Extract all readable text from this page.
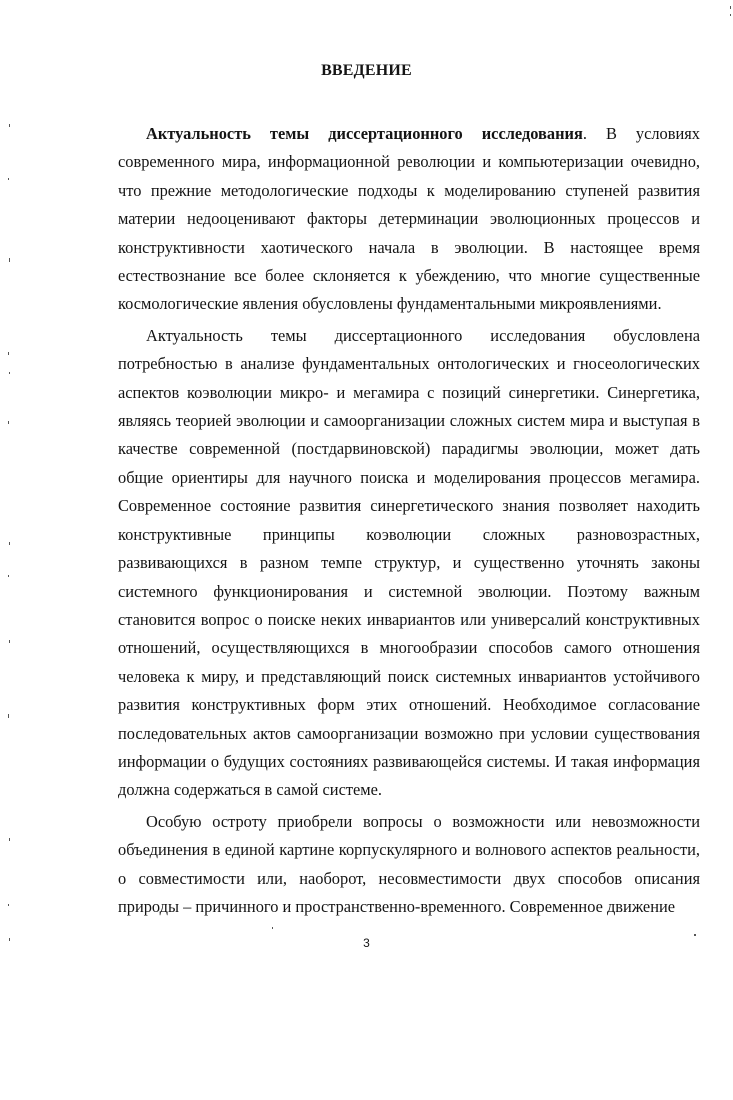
ВВЕДЕНИЕ

Актуальность темы диссертационного исследования. В условиях современного мира, информационной революции и компьютеризации очевидно, что прежние методологические подходы к моделированию ступеней развития материи недооценивают факторы детерминации эволюционных процессов и конструктивности хаотического начала в эволюции. В настоящее время естествознание все более склоняется к убеждению, что многие существенные космологические явления обусловлены фундаментальными микроявлениями.

Актуальность темы диссертационного исследования обусловлена потребностью в анализе фундаментальных онтологических и гносеологических аспектов коэволюции микро- и мегамира с позиций синергетики. Синергетика, являясь теорией эволюции и самоорганизации сложных систем мира и выступая в качестве современной (постдарвиновской) парадигмы эволюции, может дать общие ориентиры для научного поиска и моделирования процессов мегамира. Современное состояние развития синергетического знания позволяет находить конструктивные принципы коэволюции сложных разновозрастных, развивающихся в разном темпе структур, и существенно уточнять законы системного функционирования и системной эволюции. Поэтому важным становится вопрос о поиске неких инвариантов или универсалий конструктивных отношений, осуществляющихся в многообразии способов самого отношения человека к миру, и представляющий поиск системных инвариантов устойчивого развития конструктивных форм этих отношений. Необходимое согласование последовательных актов самоорганизации возможно при условии существования информации о будущих состояниях развивающейся системы. И такая информация должна содержаться в самой системе.

Особую остроту приобрели вопросы о возможности или невозможности объединения в единой картине корпускулярного и волнового аспектов реальности, о совместимости или, наоборот, несовместимости двух способов описания природы – причинного и пространственно-временного. Современное движение

3
